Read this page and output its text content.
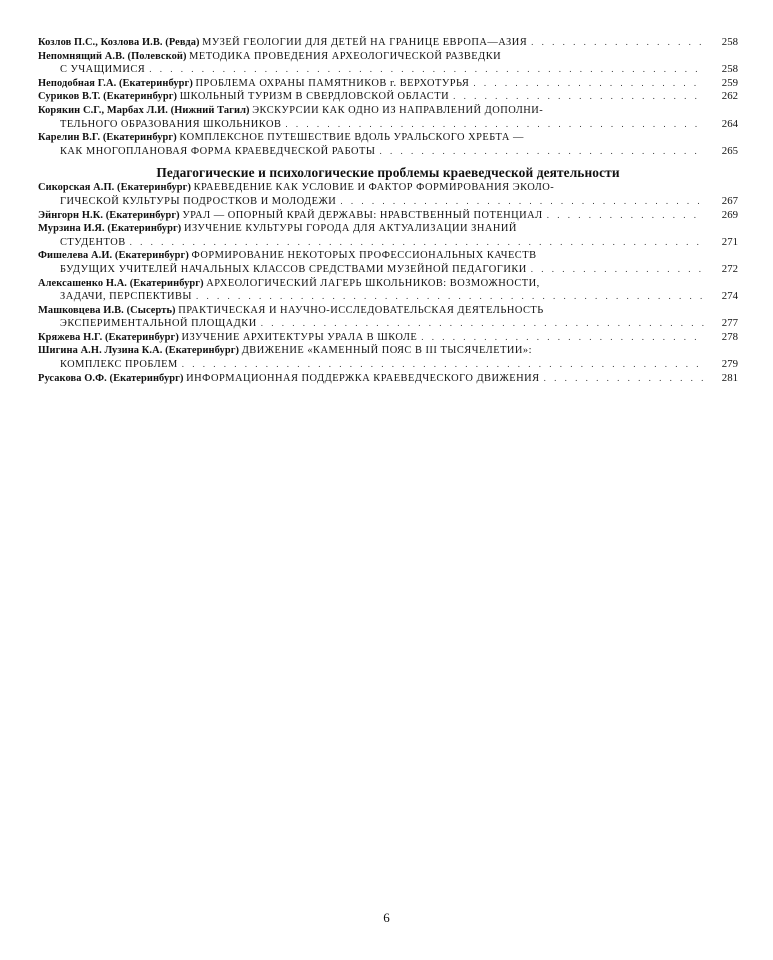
Козлов П.С., Козлова И.В. (Ревда)
МУЗЕЙ ГЕОЛОГИИ ДЛЯ ДЕТЕЙ НА ГРАНИЦЕ ЕВРОПА—АЗИЯ . . .	258
Непомнящий А.В. (Полевской)
МЕТОДИКА ПРОВЕДЕНИЯ АРХЕОЛОГИЧЕСКОЙ РАЗВЕДКИ
С УЧАЩИМИСЯ . . .	258
Неподобная Г.А. (Екатеринбург)
ПРОБЛЕМА ОХРАНЫ ПАМЯТНИКОВ г. ВЕРХОТУРЬЯ . . .	259
Суриков В.Т. (Екатеринбург)
ШКОЛЬНЫЙ ТУРИЗМ В СВЕРДЛОВСКОЙ ОБЛАСТИ . . .	262
Корякин С.Г., Марбах Л.И. (Нижний Тагил)
ЭКСКУРСИИ КАК ОДНО ИЗ НАПРАВЛЕНИЙ ДОПОЛНИ-
ТЕЛЬНОГО ОБРАЗОВАНИЯ ШКОЛЬНИКОВ . . .	264
Карелин В.Г. (Екатеринбург)
КОМПЛЕКСНОЕ ПУТЕШЕСТВИЕ ВДОЛЬ УРАЛЬСКОГО ХРЕБТА —
КАК МНОГОПЛАНОВАЯ ФОРМА КРАЕВЕДЧЕСКОЙ РАБОТЫ . . .	265
Педагогические и психологические проблемы краеведческой деятельности
Сикорская А.П. (Екатеринбург)
КРАЕВЕДЕНИЕ КАК УСЛОВИЕ И ФАКТОР ФОРМИРОВАНИЯ ЭКОЛО-
ГИЧЕСКОЙ КУЛЬТУРЫ ПОДРОСТКОВ И МОЛОДЕЖИ . . .	267
Эйнгорн Н.К. (Екатеринбург)
УРАЛ — ОПОРНЫЙ КРАЙ ДЕРЖАВЫ: НРАВСТВЕННЫЙ ПОТЕНЦИАЛ . . .	269
Мурзина И.Я. (Екатеринбург)
ИЗУЧЕНИЕ КУЛЬТУРЫ ГОРОДА ДЛЯ АКТУАЛИЗАЦИИ ЗНАНИЙ
СТУДЕНТОВ . . .	271
Фишелева А.И. (Екатеринбург)
ФОРМИРОВАНИЕ НЕКОТОРЫХ ПРОФЕССИОНАЛЬНЫХ КАЧЕСТВ
БУДУЩИХ УЧИТЕЛЕЙ НАЧАЛЬНЫХ КЛАССОВ СРЕДСТВАМИ МУЗЕЙНОЙ ПЕДАГОГИКИ . . .	272
Алексашенко Н.А. (Екатеринбург)
АРХЕОЛОГИЧЕСКИЙ ЛАГЕРЬ ШКОЛЬНИКОВ: ВОЗМОЖНОСТИ,
ЗАДАЧИ, ПЕРСПЕКТИВЫ . . .	274
Машковцева И.В. (Сысерть)
ПРАКТИЧЕСКАЯ И НАУЧНО-ИССЛЕДОВАТЕЛЬСКАЯ ДЕЯТЕЛЬНОСТЬ
ЭКСПЕРИМЕНТАЛЬНОЙ ПЛОЩАДКИ . . .	277
Кряжева Н.Г. (Екатеринбург)
ИЗУЧЕНИЕ АРХИТЕКТУРЫ УРАЛА В ШКОЛЕ . . .	278
Шигина А.Н. Лузина К.А. (Екатеринбург)
ДВИЖЕНИЕ «КАМЕННЫЙ ПОЯС В III ТЫСЯЧЕЛЕТИИ»:
КОМПЛЕКС ПРОБЛЕМ . . .	279
Русакова О.Ф. (Екатеринбург)
ИНФОРМАЦИОННАЯ ПОДДЕРЖКА КРАЕВЕДЧЕСКОГО ДВИЖЕНИЯ . . .	281
6
